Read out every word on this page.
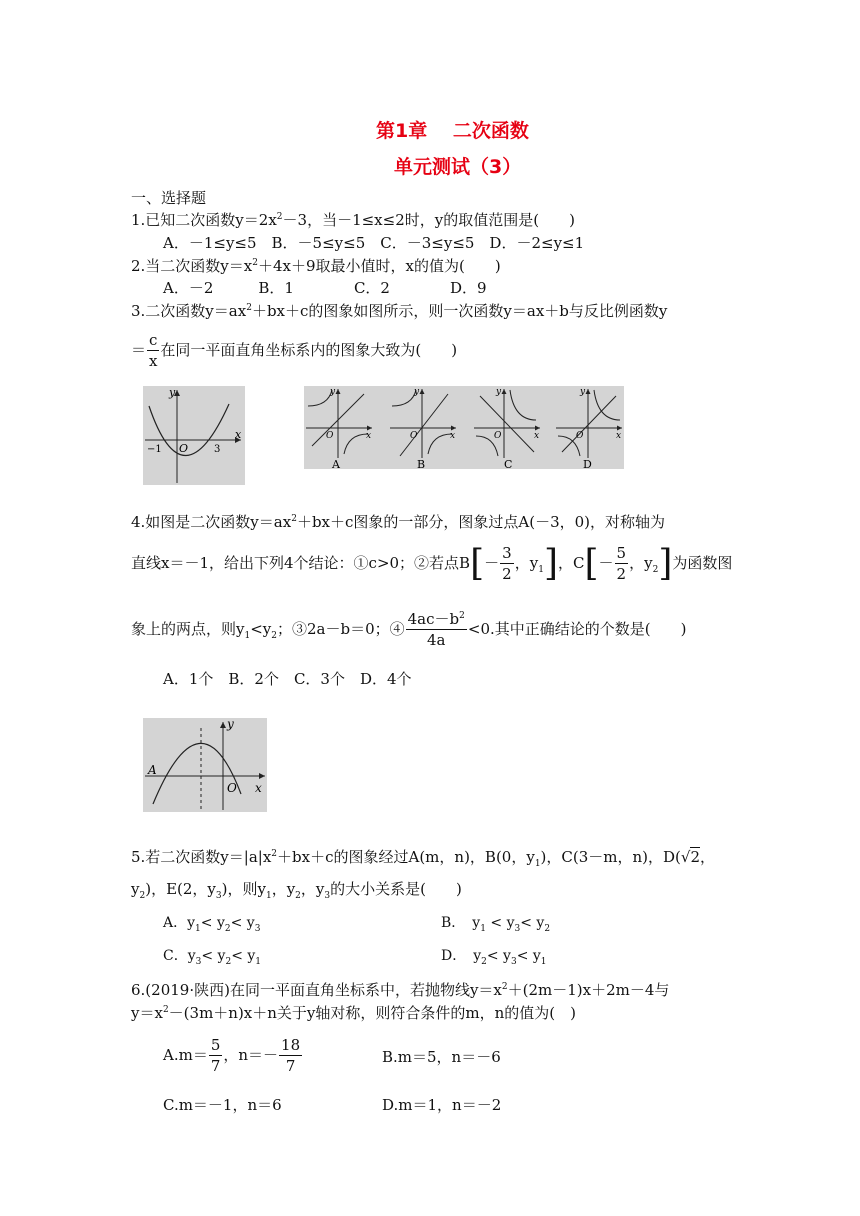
第1章　 二次函数
单元测试（3）
一、选择题
1.已知二次函数$y=2x^2-3$，当－1≤x≤2时，y的取值范围是(　　)
A．－1≤y≤5　B．－5≤y≤5　C．－3≤y≤5　D．－2≤y≤1
2.当二次函数$y=x^2+4x+9$取最小值时，x的值为(　　)
A．－2　　　B．1　　　　C．2　　　　D．9
3.二次函数$y=ax^2+bx+c$的图象如图所示，则一次函数y＝ax＋b与反比例函数y
＝ $\frac{c}{x}$ 在同一平面直角坐标系内的图象大致为(　　)
y
x
O
−1	3
y
x
O
A
y
x
O
B
y
x
O
C
y
x
O
D
4.如图是二次函数$y=ax^2+bx+c$图象的一部分，图象过点A(－3，0)，对称轴为
直线x＝－1，给出下列4个结论：①c>0；②若点$B[- \frac{3}{2}$ ，$y_1$]，$C[- \frac{5}{2}$ ，$y_2$]为函数图
象上的两点，则$y_1<y_2$；③2a－b＝0；④ $\frac{4ac-b^2}{4a} <0$.其中正确结论的个数是(　　)
A．1个　B．2个　C．3个　D．4个
y
x
O
A
5.若二次函数$y=|a|x^2+bx+c$的图象经过A(m，n)，B(0，$y_1$)，C(3－m，n)，D(√2，
$y_2$)，E(2，$y_3$)，则$y_1$，$y_2$，$y_3$的大小关系是(　　)
A．$y_1< y_2< y_3$	B．　$y_1 < y_3< y_2$
C．$y_3< y_2< y_1$	D．　$y_2< y_3< y_1$
6.(2019·陕西)在同一平面直角坐标系中，若抛物线$y=x^2+(2m-1)x+2m-4$与
$y=x^2-(3m+n)x+n$关于y轴对称，则符合条件的m，n的值为(　)
$A.m= \frac{5}{7}$ ，$n=- \frac{18}{7}$	B.m＝5，n＝－6
C.m＝－1，n＝6	D.m＝1，n＝－2
